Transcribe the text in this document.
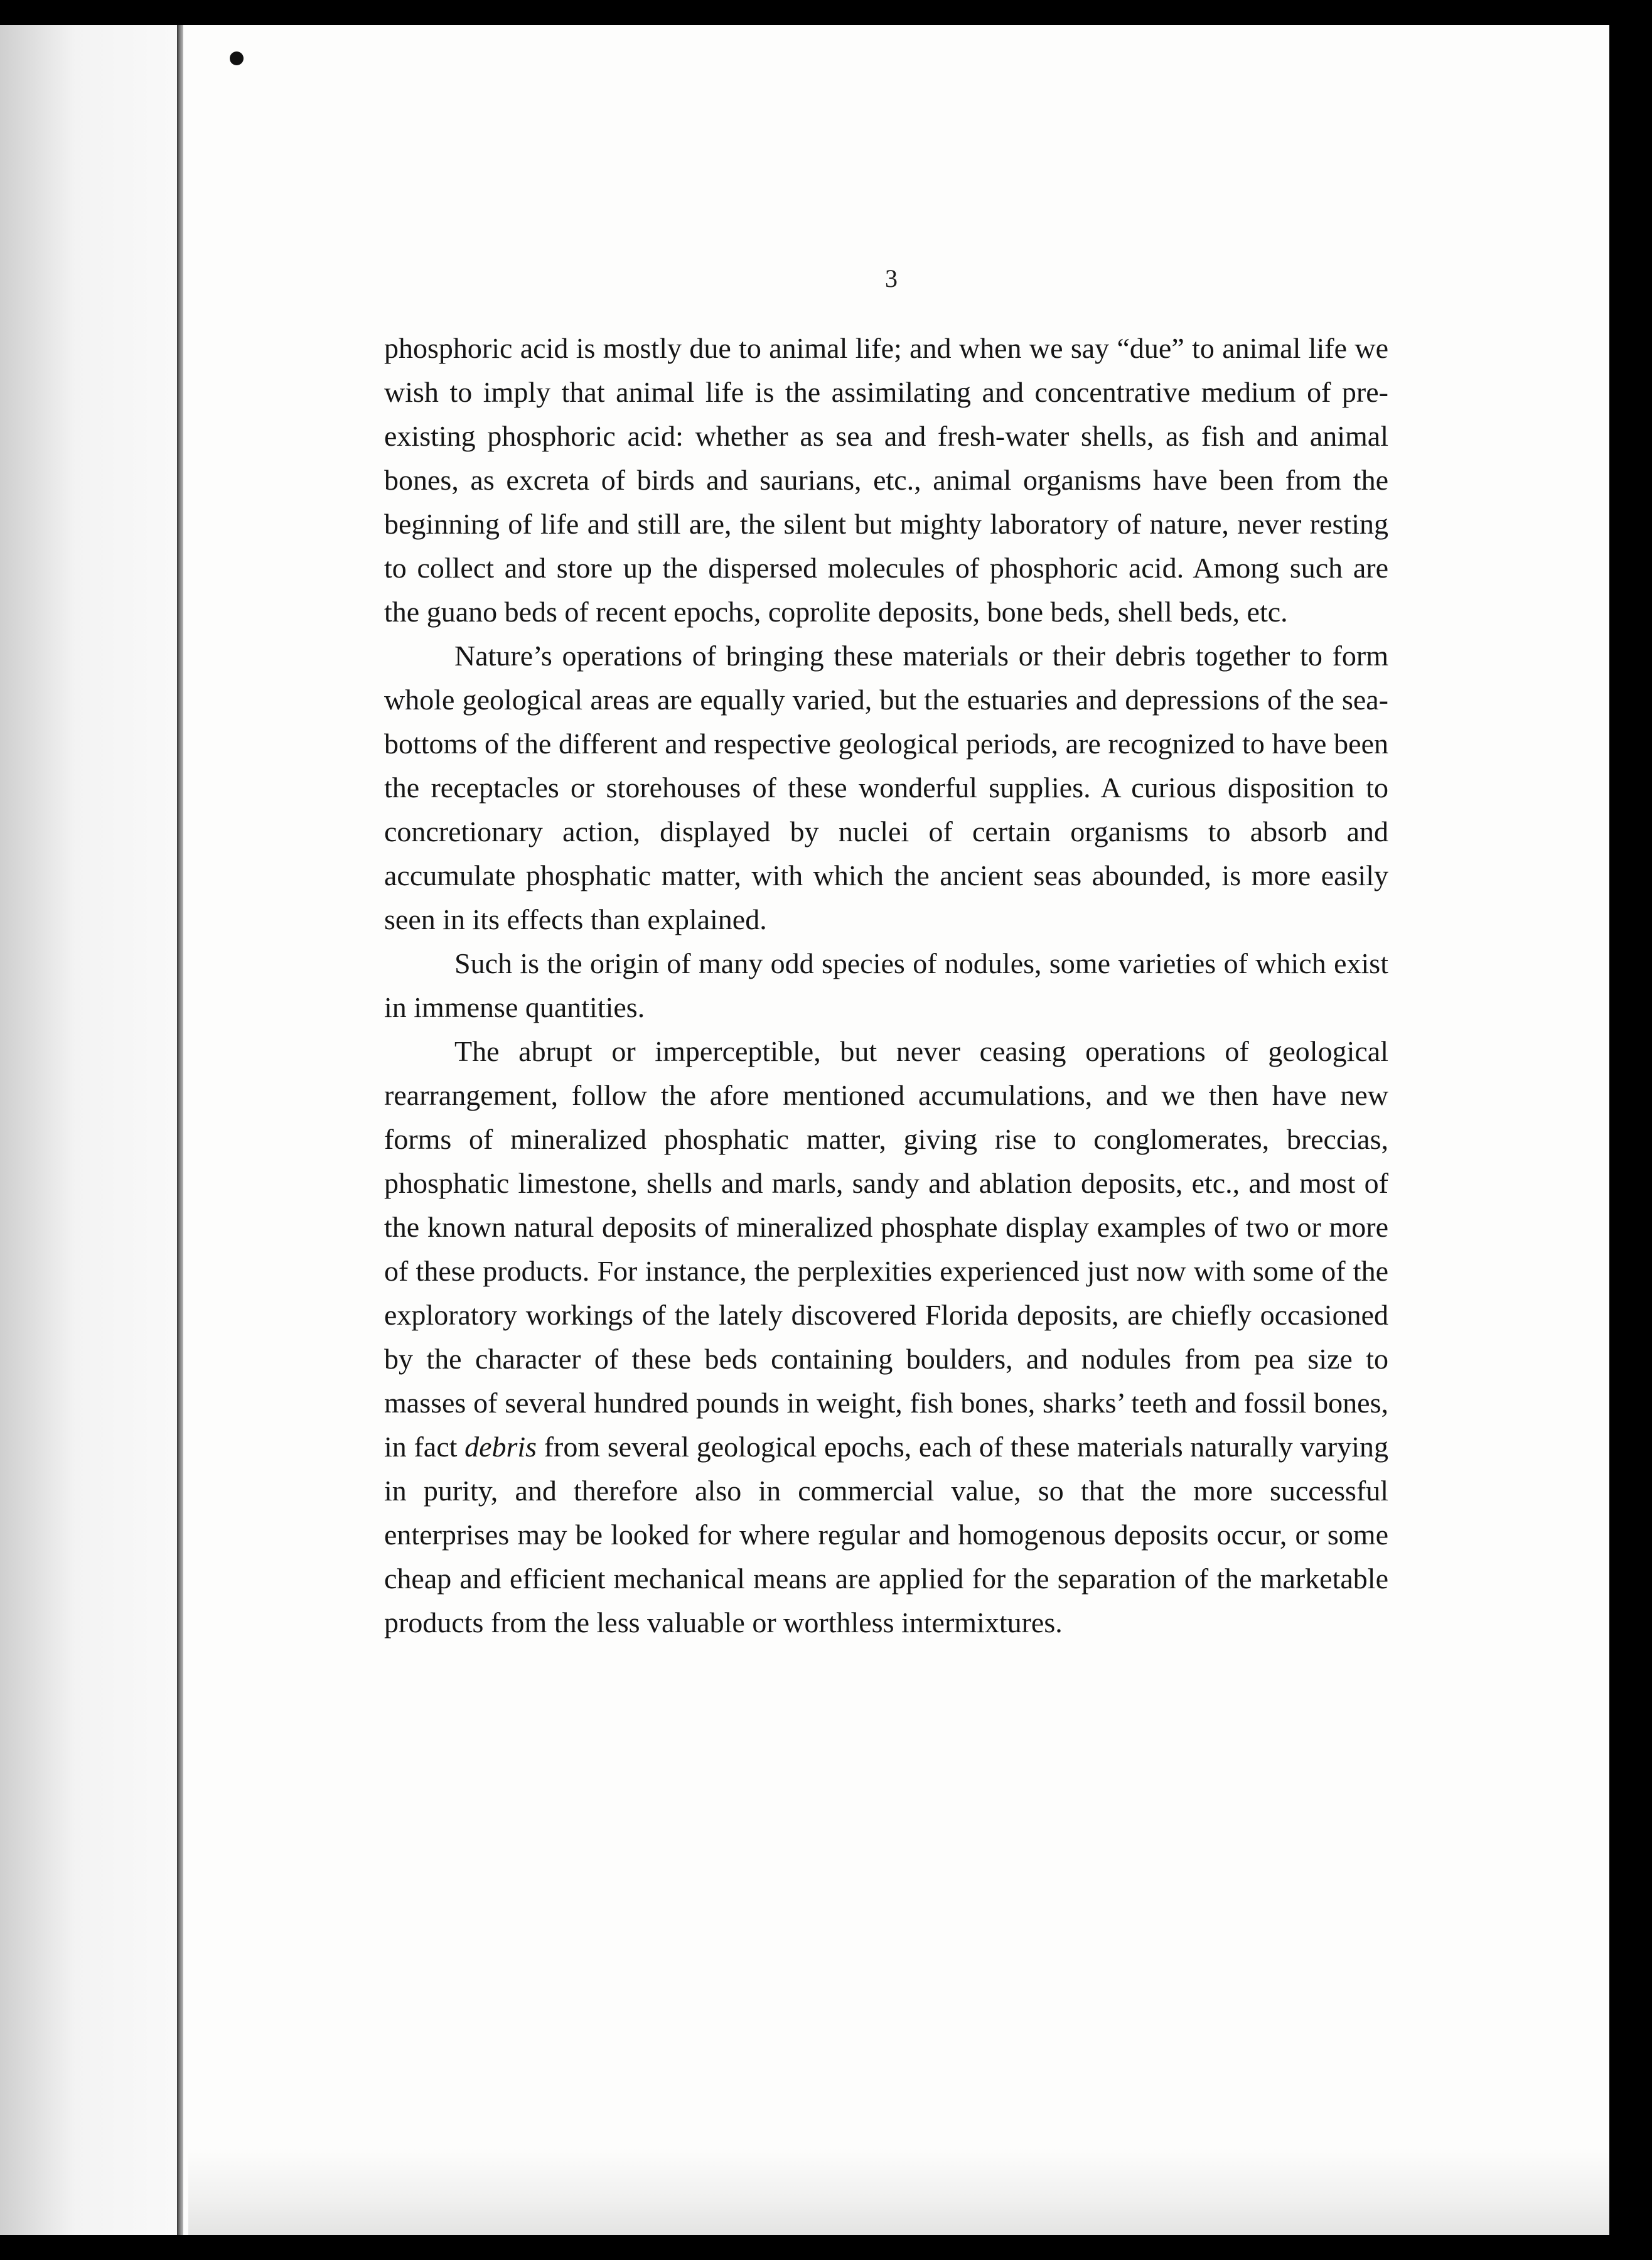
3

phosphoric acid is mostly due to animal life; and when we say “due” to animal life we wish to imply that animal life is the assimilating and concentrative medium of pre-existing phosphoric acid: whether as sea and fresh-water shells, as fish and animal bones, as excreta of birds and saurians, etc., animal organisms have been from the beginning of life and still are, the silent but mighty laboratory of nature, never resting to collect and store up the dispersed molecules of phosphoric acid. Among such are the guano beds of recent epochs, coprolite deposits, bone beds, shell beds, etc.

Nature’s operations of bringing these materials or their debris together to form whole geological areas are equally varied, but the estuaries and depressions of the sea-bottoms of the different and respective geological periods, are recognized to have been the receptacles or storehouses of these wonderful supplies. A curious disposition to concretionary action, displayed by nuclei of certain organisms to absorb and accumulate phosphatic matter, with which the ancient seas abounded, is more easily seen in its effects than explained.

Such is the origin of many odd species of nodules, some varieties of which exist in immense quantities.

The abrupt or imperceptible, but never ceasing operations of geological rearrangement, follow the afore mentioned accumulations, and we then have new forms of mineralized phosphatic matter, giving rise to conglomerates, breccias, phosphatic limestone, shells and marls, sandy and ablation deposits, etc., and most of the known natural deposits of mineralized phosphate display examples of two or more of these products. For instance, the perplexities experienced just now with some of the exploratory workings of the lately discovered Florida deposits, are chiefly occasioned by the character of these beds containing boulders, and nodules from pea size to masses of several hundred pounds in weight, fish bones, sharks’ teeth and fossil bones, in fact debris from several geological epochs, each of these materials naturally varying in purity, and therefore also in commercial value, so that the more successful enterprises may be looked for where regular and homogenous deposits occur, or some cheap and efficient mechanical means are applied for the separation of the marketable products from the less valuable or worthless intermixtures.
